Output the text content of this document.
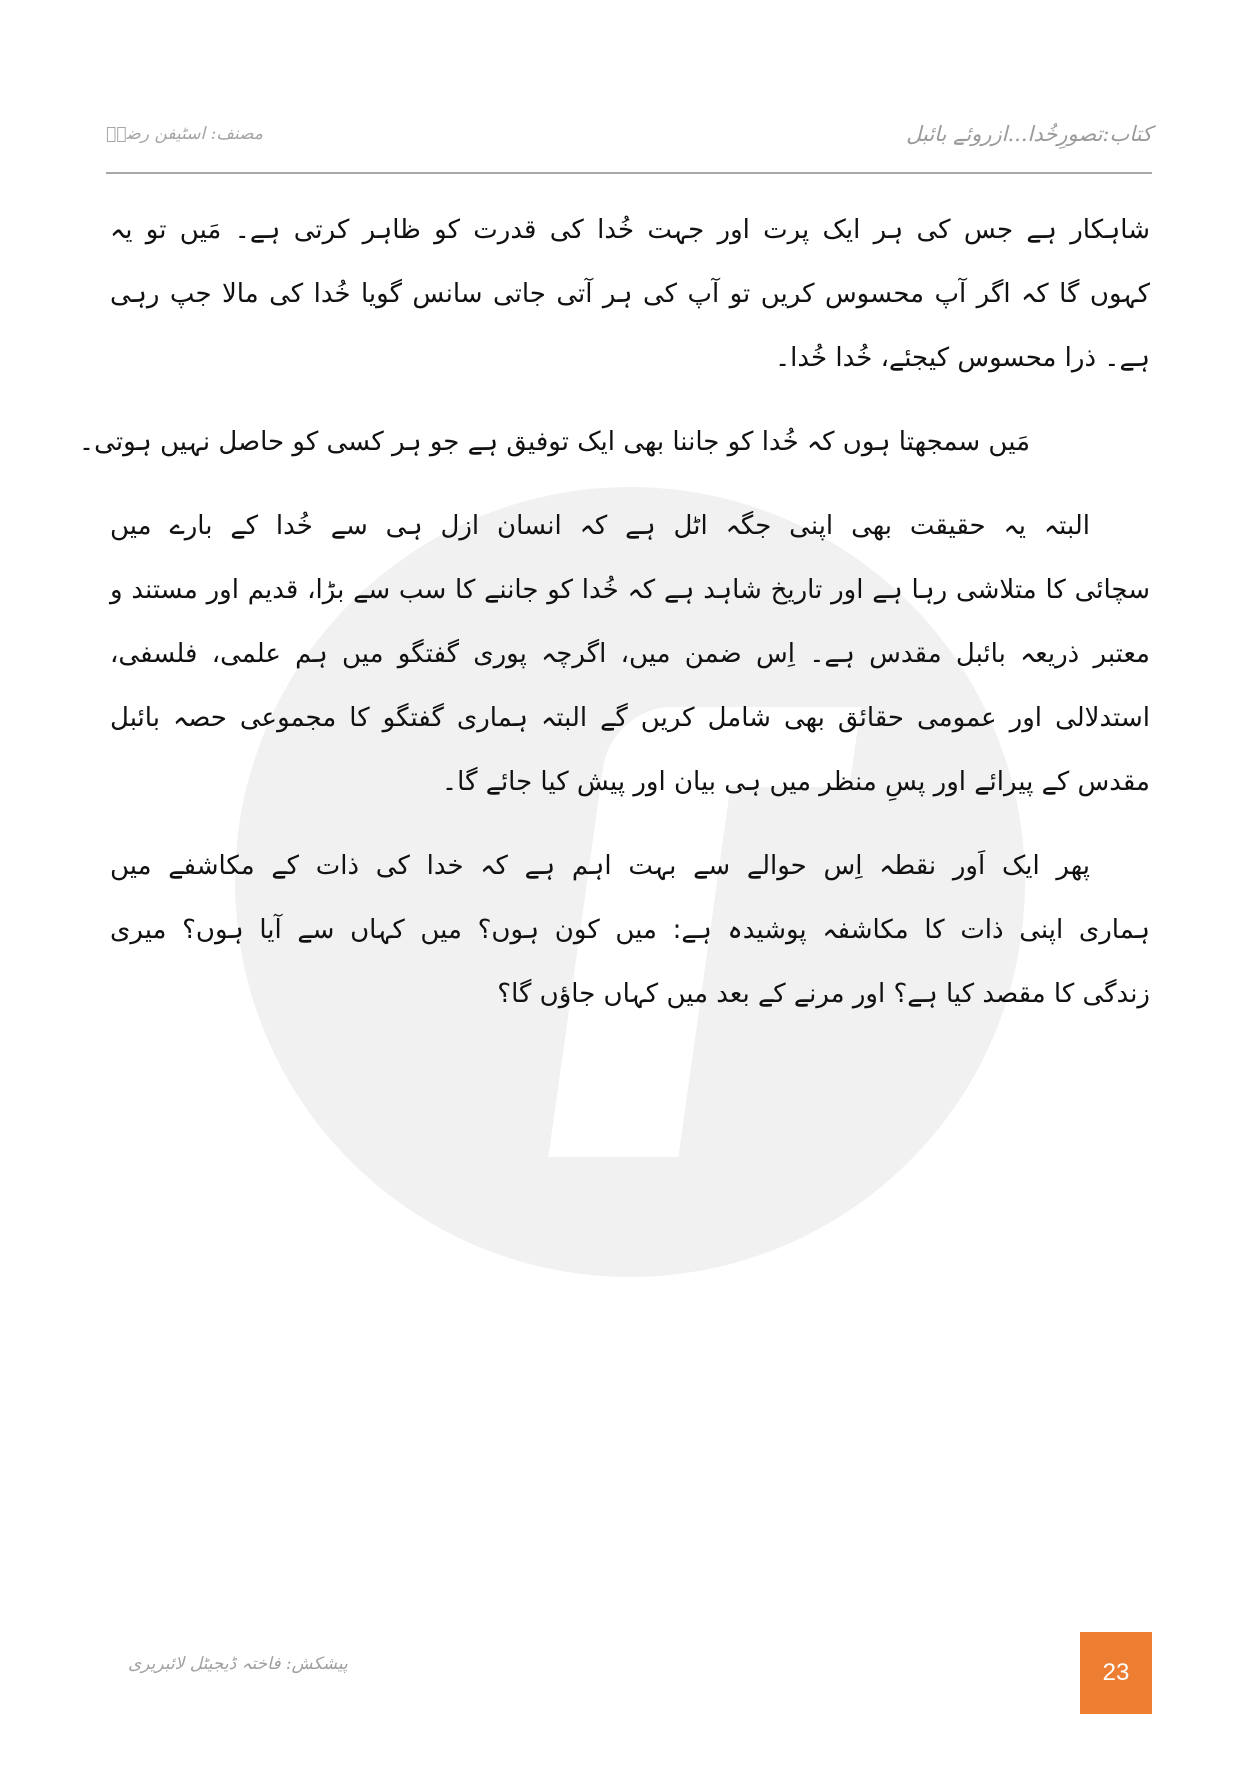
کتاب:تصورِخُدا...ازروئے بائبل
مصنف: اسٹیفن رضاؔ
شاہکار ہے جس کی ہر ایک پرت اور جہت خُدا کی قدرت کو ظاہر کرتی ہے۔ مَیں تو یہ
کہوں گا کہ اگر آپ محسوس کریں تو آپ کی ہر آتی جاتی سانس گویا خُدا کی مالا جپ رہی
ہے۔ ذرا محسوس کیجئے، خُدا خُدا۔
مَیں سمجھتا ہوں کہ خُدا کو جاننا بھی ایک توفیق ہے جو ہر کسی کو حاصل نہیں ہوتی۔
البتہ یہ حقیقت بھی اپنی جگہ اٹل ہے کہ انسان ازل ہی سے خُدا کے بارے میں
سچائی کا متلاشی رہا ہے اور تاریخ شاہد ہے کہ خُدا کو جاننے کا سب سے بڑا، قدیم اور مستند و
معتبر ذریعہ بائبل مقدس ہے۔ اِس ضمن میں، اگرچہ پوری گفتگو میں ہم علمی، فلسفی،
استدلالی اور عمومی حقائق بھی شامل کریں گے البتہ ہماری گفتگو کا مجموعی حصہ بائبل
مقدس کے پیرائے اور پسِ منظر میں ہی بیان اور پیش کیا جائے گا۔
پھر ایک اَور نقطہ اِس حوالے سے بہت اہم ہے کہ خدا کی ذات کے مکاشفے میں
ہماری اپنی ذات کا مکاشفہ پوشیدہ ہے: میں کون ہوں؟ میں کہاں سے آیا ہوں؟ میری
زندگی کا مقصد کیا ہے؟ اور مرنے کے بعد میں کہاں جاؤں گا؟
پیشکش: فاختہ ڈیجیٹل لائبریری	23
